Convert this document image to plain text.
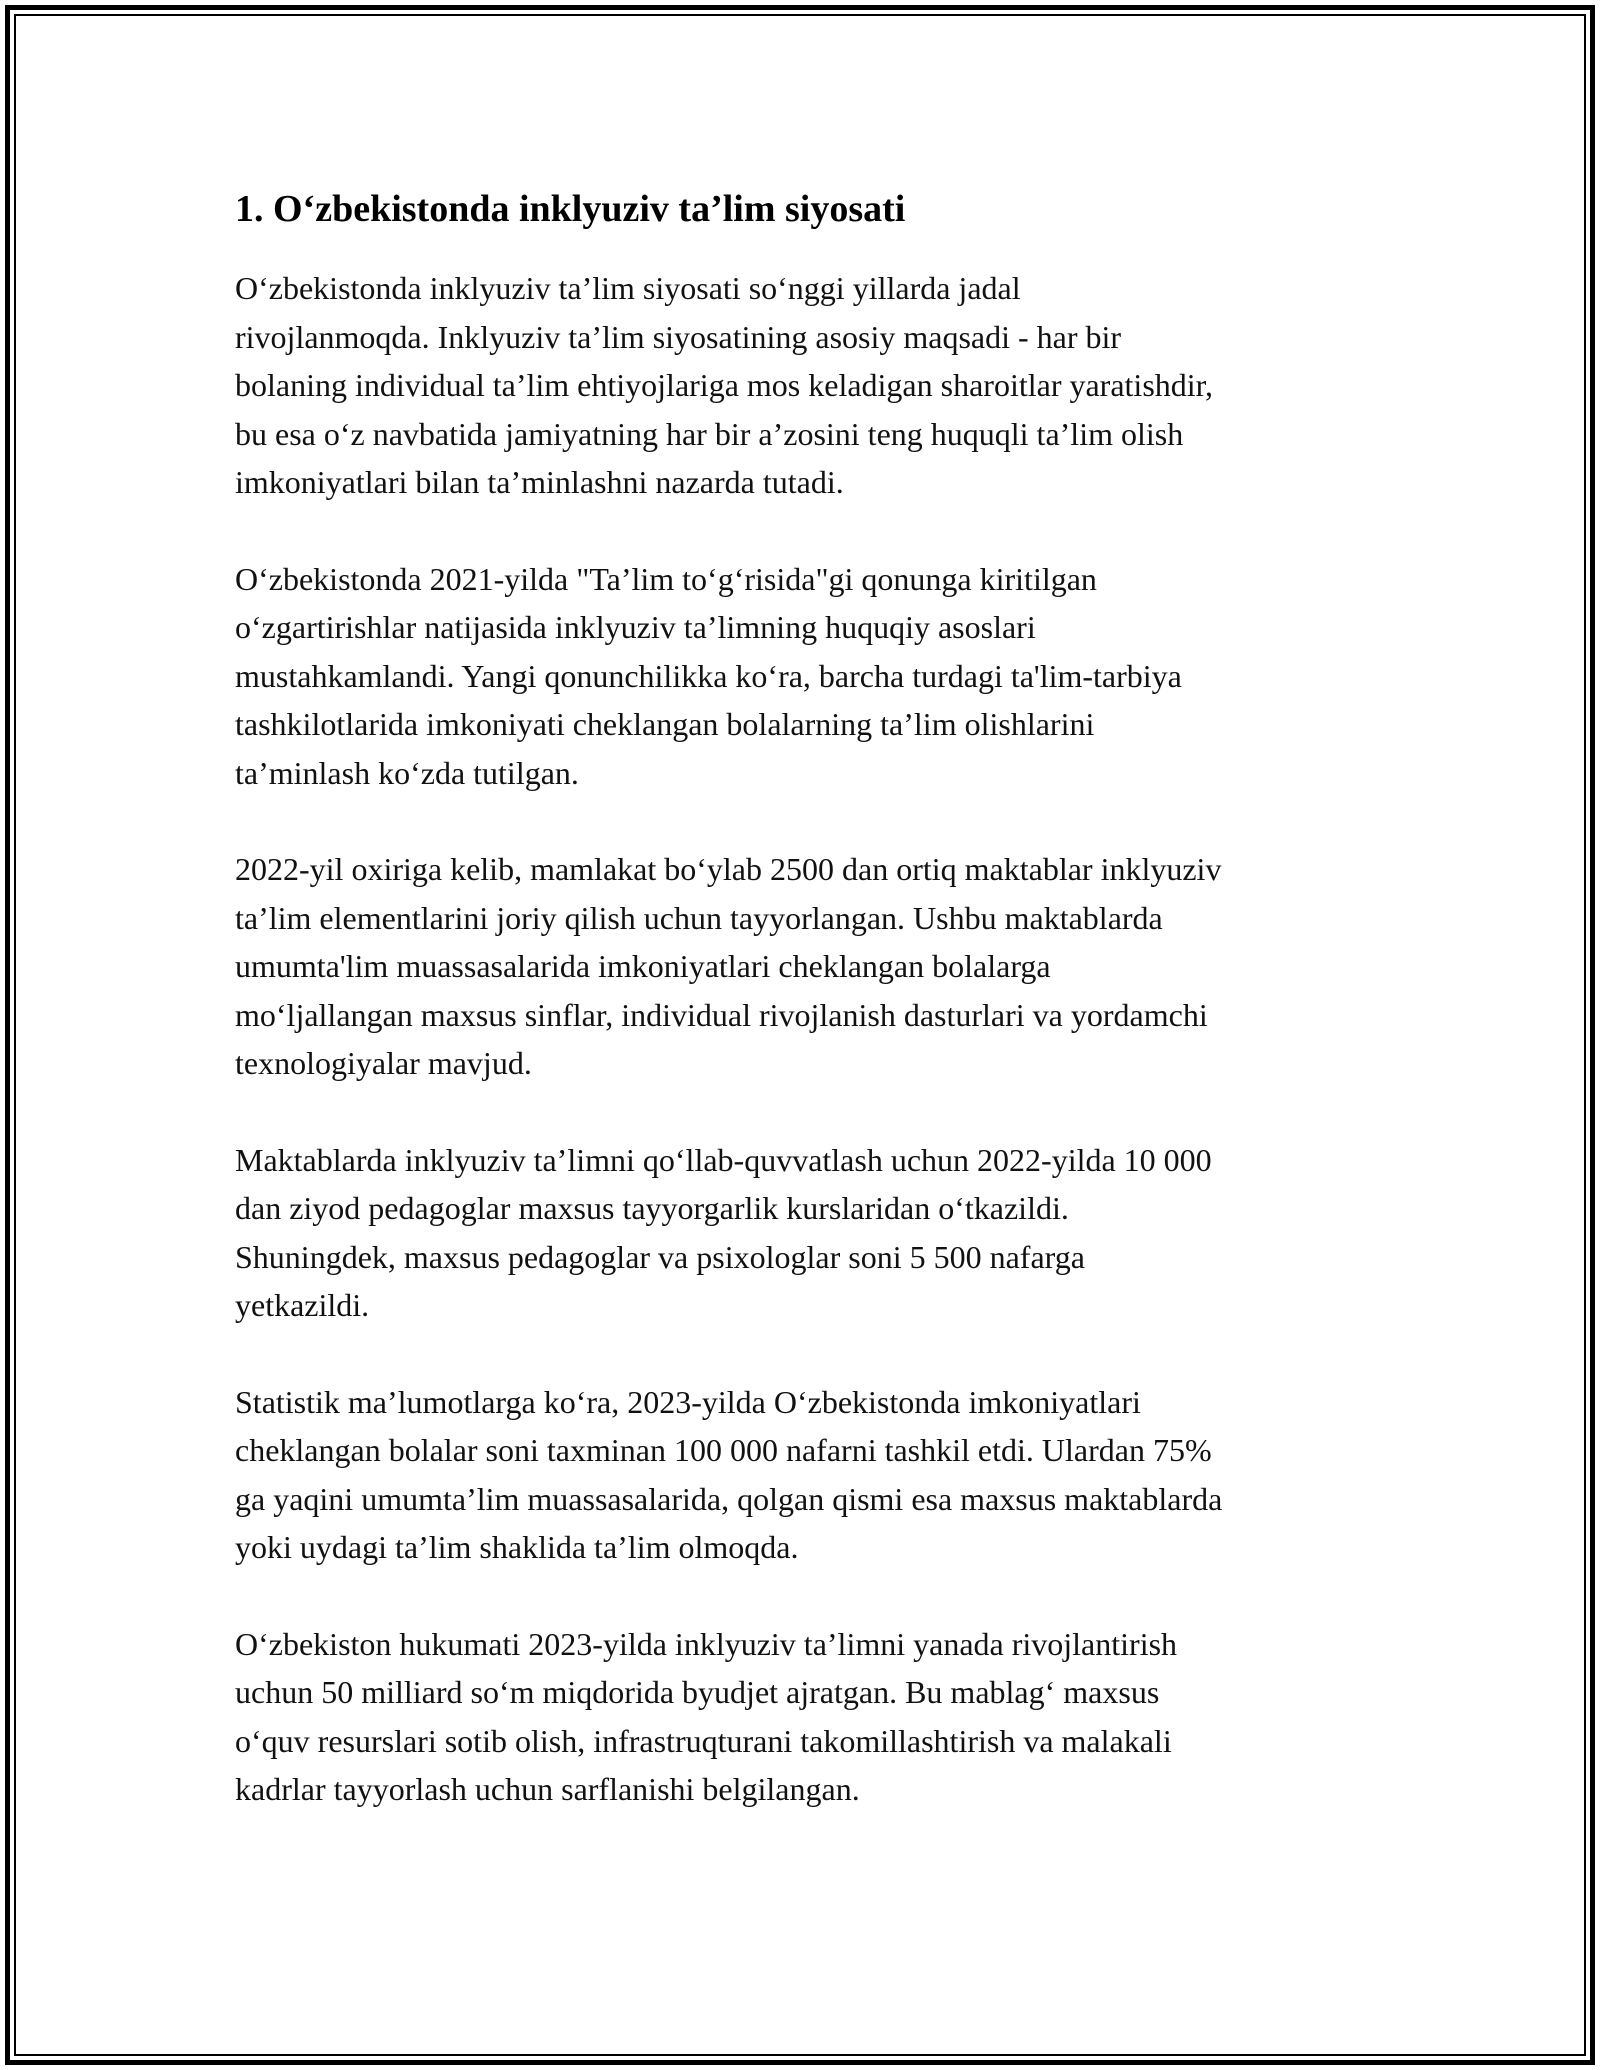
1. O‘zbekistonda inklyuziv ta’lim siyosati

O‘zbekistonda inklyuziv ta’lim siyosati so‘nggi yillarda jadal
rivojlanmoqda. Inklyuziv ta’lim siyosatining asosiy maqsadi - har bir
bolaning individual ta’lim ehtiyojlariga mos keladigan sharoitlar yaratishdir,
bu esa o‘z navbatida jamiyatning har bir a’zosini teng huquqli ta’lim olish
imkoniyatlari bilan ta’minlashni nazarda tutadi.

O‘zbekistonda 2021-yilda "Ta’lim to‘g‘risida"gi qonunga kiritilgan
o‘zgartirishlar natijasida inklyuziv ta’limning huquqiy asoslari
mustahkamlandi. Yangi qonunchilikka ko‘ra, barcha turdagi ta'lim-tarbiya
tashkilotlarida imkoniyati cheklangan bolalarning ta’lim olishlarini
ta’minlash ko‘zda tutilgan.

2022-yil oxiriga kelib, mamlakat bo‘ylab 2500 dan ortiq maktablar inklyuziv
ta’lim elementlarini joriy qilish uchun tayyorlangan. Ushbu maktablarda
umumta'lim muassasalarida imkoniyatlari cheklangan bolalarga
mo‘ljallangan maxsus sinflar, individual rivojlanish dasturlari va yordamchi
texnologiyalar mavjud.

Maktablarda inklyuziv ta’limni qo‘llab-quvvatlash uchun 2022-yilda 10 000
dan ziyod pedagoglar maxsus tayyorgarlik kurslaridan o‘tkazildi.
Shuningdek, maxsus pedagoglar va psixologlar soni 5 500 nafarga
yetkazildi.

Statistik ma’lumotlarga ko‘ra, 2023-yilda O‘zbekistonda imkoniyatlari
cheklangan bolalar soni taxminan 100 000 nafarni tashkil etdi. Ulardan 75%
ga yaqini umumta’lim muassasalarida, qolgan qismi esa maxsus maktablarda
yoki uydagi ta’lim shaklida ta’lim olmoqda.

O‘zbekiston hukumati 2023-yilda inklyuziv ta’limni yanada rivojlantirish
uchun 50 milliard so‘m miqdorida byudjet ajratgan. Bu mablag‘ maxsus
o‘quv resurslari sotib olish, infrastruqturani takomillashtirish va malakali
kadrlar tayyorlash uchun sarflanishi belgilangan.
